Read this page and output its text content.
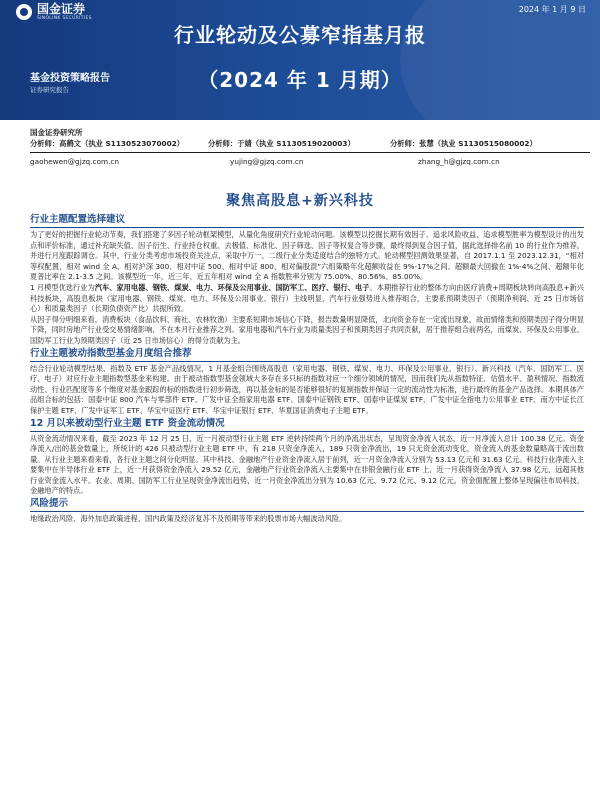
国金证券
SINOLINK SECURITIES
2024 年 1 月 9 日
行业轮动及公募窄指基月报
（2024 年 1 月期）
基金投资策略报告
证券研究报告
国金证券研究所
分析师：高鹤文（执业 S1130523070002）	分析师：于婧（执业 S1130519020003）	分析师：张慧（执业 S1130515080002）
gaohewen@gjzq.com.cn	yujing@gjzq.com.cn	zhang_h@gjzq.com.cn
聚焦高股息+新兴科技
行业主题配置选择建议

为了更好的把握行业轮动节奏，我们搭建了多因子轮动框架模型，从量化角度研究行业轮动问题。该模型以挖掘长期有效因子、追求风险收益、追求模型胜率为模型设计的出发点和评价标准，通过补充缺失值、因子衍生、行业持仓权重、去极值、标准化、因子筛选、因子等权复合等步骤，最终得到复合因子值，据此选择排名前 10 的行业作为推荐，并进行月度跟踪调仓。其中，行业分类考虑市场投资关注点，采取中万一、二级行业分类适度结合的独特方式。轮动模型回测效果显著，自 2017.1.1 至 2023.12.31，“相对等权配置、相对 wind 全 A、相对沪深 300、相对中证 500、相对中证 800、相对偏股混”六组策略年化超额收益在 9%-17%之间、超额最大回撤在 1%-4%之间、超额年化夏普比率在 2.1-3.5 之间。该模型近一年、近三年、近五年相对 wind 全 A 指数胜率分别为 75.00%、80.56%、85.00%。

1 月模型优选行业为汽车、家用电器、钢铁、煤炭、电力、环保及公用事业、国防军工、医疗、银行、电子。本期推荐行业的整体方向由医疗消费+周期板块转向高股息+新兴科技板块，高股息板块（家用电器、钢铁、煤炭、电力、环保及公用事业、银行）主线明显，汽车行业强势进入推荐组合，主要系预期类因子（预期净利润、近 25 日市场信心）和质量类因子（长期负债资产比）共振所致。

从因子得分明细来看，消费板块（食品饮料、商社、农林牧渔）主要系短期市场信心下降，报告数量明显降低，北向资金存在一定流出现象，故而情绪类和预期类因子得分明显下降，同时房地产行业受交易情绪影响，不在本月行业推荐之列。家用电器和汽车行业为质量类因子和预期类因子共同贡献，居于推荐组合前两名，而煤炭、环保及公用事业、国防军工行业为预期类因子（近 25 日市场信心）的得分贡献为主。

行业主题被动指数型基金月度组合推荐

结合行业轮动模型结果、指数及 ETF 基金产品线情况，1 月基金组合围绕高股息（家用电器、钢铁、煤炭、电力、环保及公用事业、银行）、新兴科技（汽车、国防军工、医疗、电子）对应行业主题指数型基金来构建。由于被动指数型基金领域大多存在多只标的指数对应一个细分领域的情况，因而我们先从指数特征、估值水平、盈利情况、指数流动性、行业匹配度等多个维度对基金跟踪的标的指数进行初步筛选，再以基金标的是否能够很好的复制指数并保证一定的流动性为标准，进行最终的基金产品选择。本期具体产品组合标的包括：国泰中证 800 汽车与零部件 ETF、广发中证全指家用电器 ETF、国泰中证钢铁 ETF、国泰中证煤炭 ETF、广发中证全指电力公用事业 ETF、南方中证长江保护主题 ETF、广发中证军工 ETF、华宝中证医疗 ETF、华宝中证银行 ETF、华夏国证消费电子主题 ETF。

12 月以来被动型行业主题 ETF 资金流动情况

从资金流动情况来看，截至 2023 年 12 月 25 日，近一月被动型行业主题 ETF 逆转持续两个月的净流出状态，呈现资金净流入状态，近一月净流入总计 100.38 亿元。资金净流入/出的基金数量上，所统计的 426 只被动型行业主题 ETF 中，有 218 只资金净流入，189 只资金净流出，19 只无资金流动变化，资金流入的基金数量略高于流出数量。从行业主题来看来看，各行业主题之间分化明显。其中科技、金融地产行业资金净流入居于前列，近一月资金净流入分别为 53.13 亿元和 31.63 亿元。科技行业净流入主要集中在半导体行业 ETF 上，近一月获得资金净流入 29.52 亿元，金融地产行业资金净流入主要集中在非银金融行业 ETF 上，近一月获得资金净流入 37.98 亿元，远超其他行业资金流入水平。农业、周期、国防军工行业呈现资金净流出趋势，近一月资金净流出分别为 10.63 亿元、9.72 亿元、9.12 亿元。资金面配置上整体呈现偏往布局科技、金融地产的特点。

风险提示

地缘政治风险、海外加息政策进程、国内政策及经济复苏不及预期等带来的股票市场大幅波动风险。
